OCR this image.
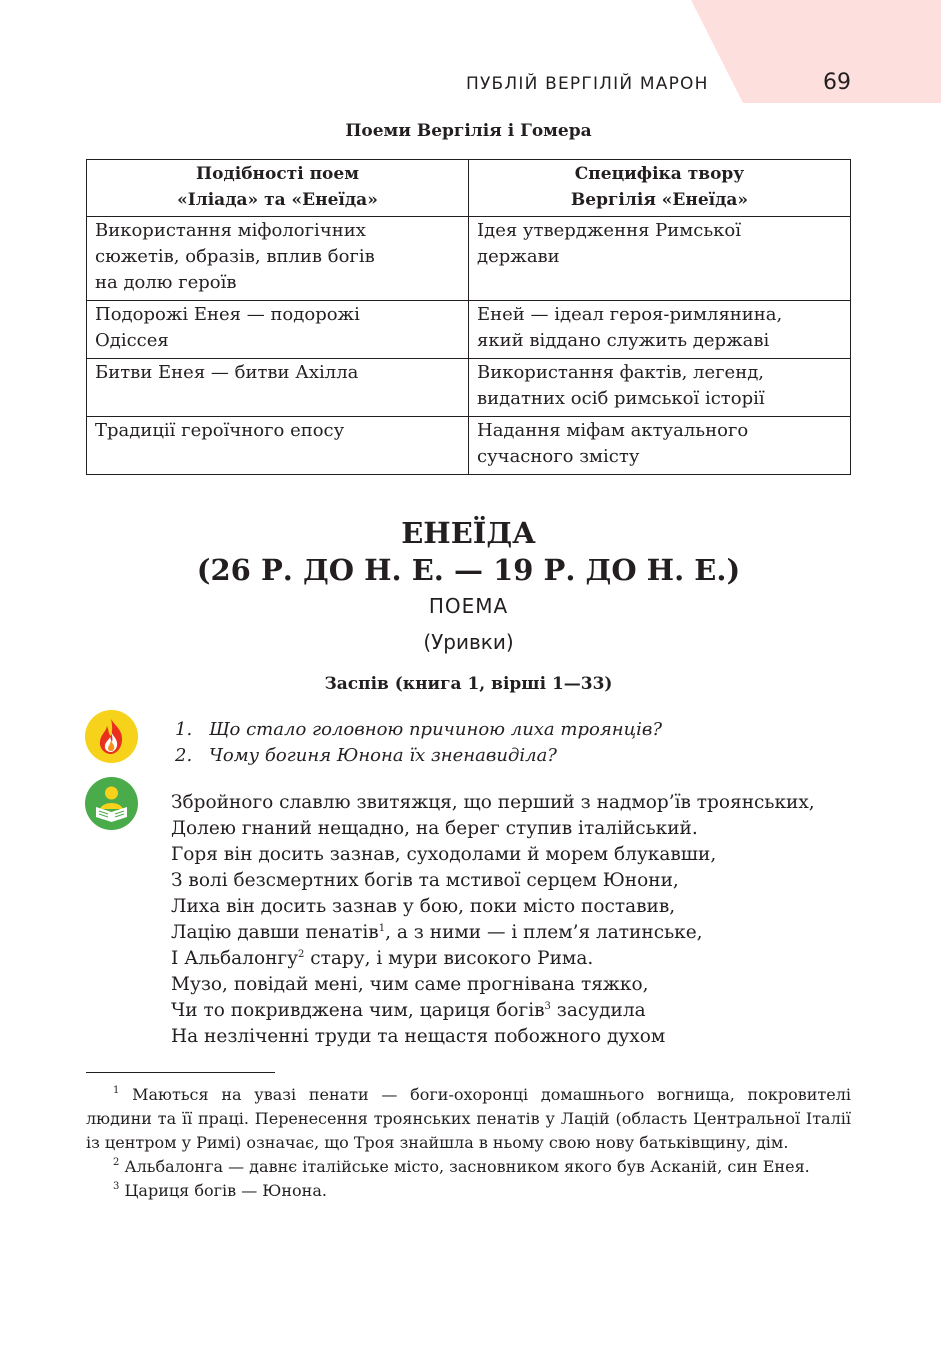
ПУБЛІЙ ВЕРГІЛІЙ МАРОН	69
Поеми Вергілія і Гомера
Подібності поем
«Іліада» та «Енеїда»	Специфіка твору
Вергілія «Енеїда»

Використання міфологічних
сюжетів, образів, вплив богів
на долю героїв	Ідея утвердження Римської
держави

Подорожі Енея — подорожі
Одіссея	Еней — ідеал героя-римлянина,
який віддано служить державі

Битви Енея — битви Ахілла	Використання фактів, легенд,
видатних осіб римської історії

Традиції героїчного епосу	Надання міфам актуального
сучасного змісту
ЕНЕЇДА
(26 Р. ДО Н. Е. — 19 Р. ДО Н. Е.)
ПОЕМА
(Уривки)
Заспів (книга 1, вірші 1—33)
1. Що стало головною причиною лиха троянців?
2. Чому богиня Юнона їх зненавиділа?
Збройного славлю звитяжця, що перший з надмор’їв троянських,
Долею гнаний нещадно, на берег ступив італійський.
Горя він досить зазнав, суходолами й морем блукавши,
З волі безсмертних богів та мстивої серцем Юнони,
Лиха він досить зазнав у бою, поки місто поставив,
Лацію давши пенатів$^1$, а з ними — і плем’я латинське,
І Альбалонгу$^2$ стару, і мури високого Рима.
Музо, повідай мені, чим саме прогнівана тяжко,
Чи то покривджена чим, цариця богів$^3$ засудила
На незліченні труди та нещастя побожного духом

$^1$ Маються на увазі пенати — боги-охоронці домашнього вогнища, покровителі людини та її праці. Перенесення троянських пенатів у Лацій (область Центральної Італії із центром у Римі) означає, що Троя знайшла в ньому свою нову батьківщину, дім.

$^2$ Альбалонга — давнє італійське місто, засновником якого був Асканій, син Енея.

$^3$ Цариця богів — Юнона.
